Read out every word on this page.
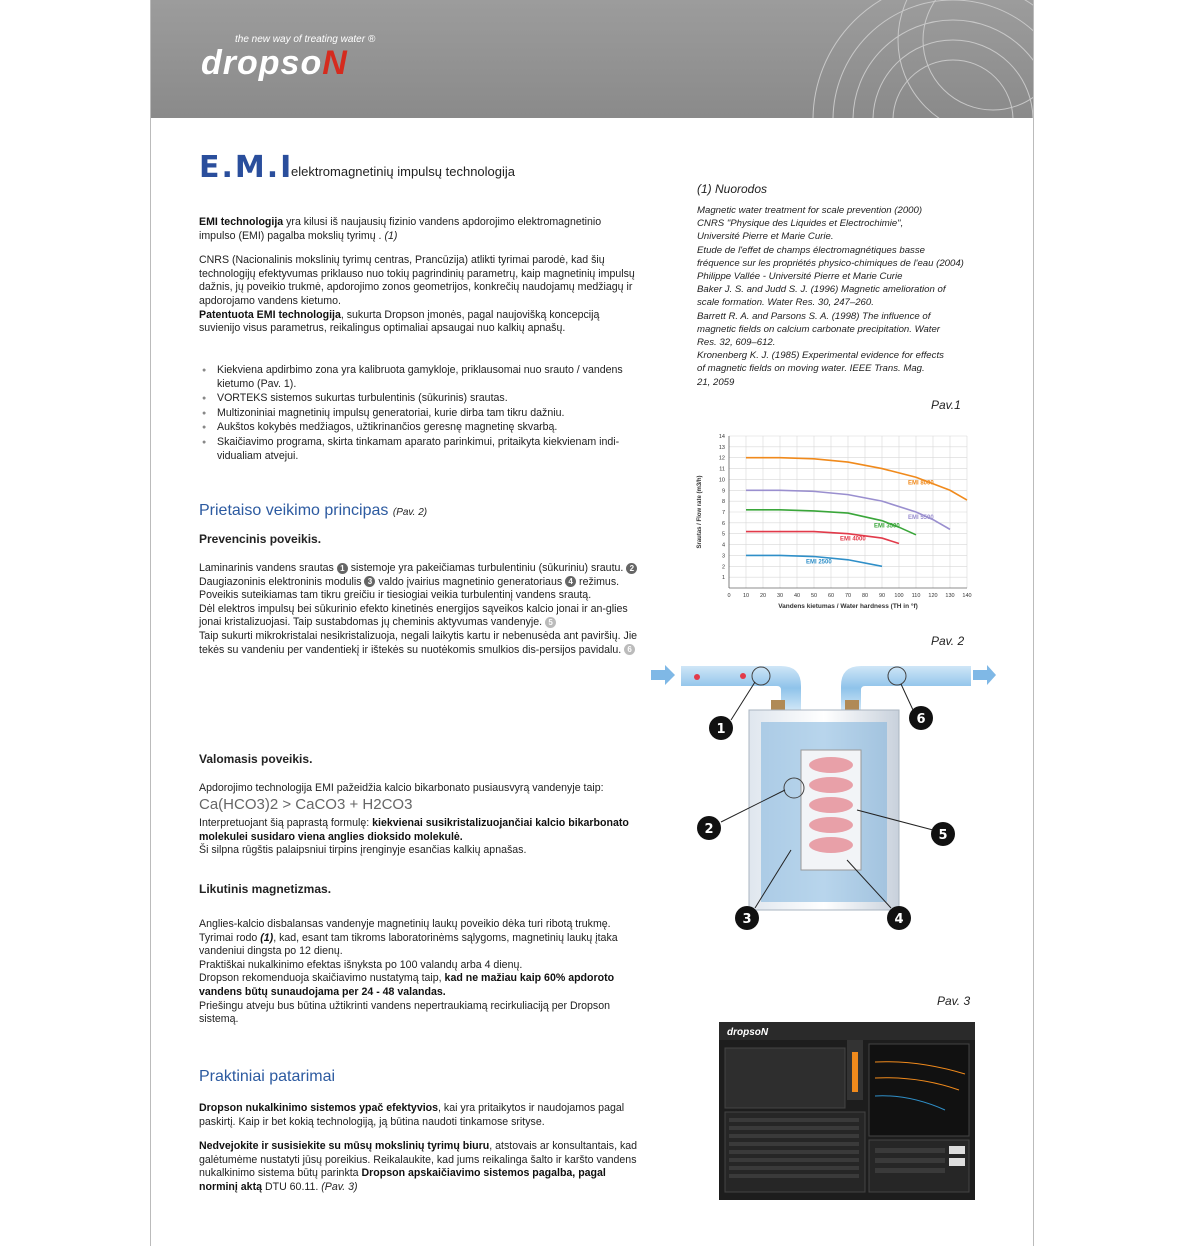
the new way of treating water ®
dropsoN
E.M.I
elektromagnetinių impulsų technologija

EMI technologija yra kilusi iš naujausių fizinio vandens apdorojimo elektromagnetinio impulso (EMI) pagalba mokslių tyrimų . (1)

CNRS (Nacionalinis mokslinių tyrimų centras, Prancūzija) atlikti tyrimai parodė, kad šių technologijų efektyvumas priklauso nuo tokių pagrindinių parametrų, kaip magnetinių impulsų dažnis, jų poveikio trukmė, apdorojimo zonos geometrijos, konkrečių naudojamų medžiagų ir apdorojamo vandens kietumo.

Patentuota EMI technologija, sukurta Dropson įmonės, pagal naujovišką koncepciją suvienijo visus parametrus, reikalingus optimaliai apsaugai nuo kalkių apnašų.

● Kiekviena apdirbimo zona yra kalibruota gamykloje, priklausomai nuo srauto / vandens kietumo (Pav. 1).
● VORTEKS sistemos sukurtas turbulentinis (sūkurinis) srautas.
● Multizoniniai magnetinių impulsų generatoriai, kurie dirba tam tikru dažniu.
● Aukštos kokybės medžiagos, užtikrinančios geresnę magnetinę skvarbą.
● Skaičiavimo programa, skirta tinkamam aparato parinkimui, pritaikyta kiekvienam indi-vidualiam atvejui.
Prietaiso veikimo principas (Pav. 2)
Prevencinis poveikis.
Laminarinis vandens srautas 1 sistemoje yra pakeičiamas turbulentiniu (sūkuriniu) srautu. 2
Daugiazoninis elektroninis modulis 3 valdo įvairius magnetinio generatoriaus 4 režimus.
Poveikis suteikiamas tam tikru greičiu ir tiesiogiai veikia turbulentinį vandens srautą.
Dėl elektros impulsų bei sūkurinio efekto kinetinės energijos sąveikos kalcio jonai ir an-glies jonai kristalizuojasi. Taip sustabdomas jų cheminis aktyvumas vandenyje. 5
Taip sukurti mikrokristalai nesikristalizuoja, negali laikytis kartu ir nebenusėda ant paviršių. Jie tekės su vandeniu per vandentiekį ir ištekės su nuotėkomis smulkios dis-persijos pavidalu. 6
Valomasis poveikis.
Apdorojimo technologija EMI pažeidžia kalcio bikarbonato pusiausvyrą vandenyje taip:
Ca(HCO3)2 > CaCO3 + H2CO3
Interpretuojant šią paprastą formulę: kiekvienai susikristalizuojančiai kalcio bikarbonato molekulei susidaro viena anglies dioksido molekulė.
Ši silpna rūgštis palaipsniui tirpins įrenginyje esančias kalkių apnašas.
Likutinis magnetizmas.
Anglies-kalcio disbalansas vandenyje magnetinių laukų poveikio dėka turi ribotą trukmę.
Tyrimai rodo (1), kad, esant tam tikroms laboratorinėms sąlygoms, magnetinių laukų įtaka vandeniui dingsta po 12 dienų.
Praktiškai nukalkinimo efektas išnyksta po 100 valandų arba 4 dienų.
Dropson rekomenduoja skaičiavimo nustatymą taip, kad ne mažiau kaip 60% apdoroto vandens būtų sunaudojama per 24 - 48 valandas.
Priešingu atveju bus būtina užtikrinti vandens nepertraukiamą recirkuliaciją per Dropson sistemą.
Praktiniai patarimai

Dropson nukalkinimo sistemos ypač efektyvios, kai yra pritaikytos ir naudojamos pagal paskirtį. Kaip ir bet kokią technologiją, ją būtina naudoti tinkamose srityse.

Nedvejokite ir susisiekite su mūsų mokslinių tyrimų biuru, atstovais ar konsultantais, kad galėtumėme nustatyti jūsų poreikius. Reikalaukite, kad jums reikalinga šalto ir karšto vandens nukalkinimo sistema būtų parinkta Dropson apskaičiavimo sistemos pagalba, pagal norminį aktą DTU 60.11. (Pav. 3)

(1) Nuorodos
Magnetic water treatment for scale prevention (2000)
CNRS "Physique des Liquides et Electrochimie",
Université Pierre et Marie Curie.
Etude de l'effet de champs électromagnétiques basse
fréquence sur les propriétés physico-chimiques de l'eau (2004)
Philippe Vallée - Université Pierre et Marie Curie
Baker J. S. and Judd S. J. (1996) Magnetic amelioration of
scale formation. Water Res. 30, 247–260.
Barrett R. A. and Parsons S. A. (1998) The influence of
magnetic fields on calcium carbonate precipitation. Water
Res. 32, 609–612.
Kronenberg K. J. (1985) Experimental evidence for effects
of magnetic fields on moving water. IEEE Trans. Mag.
21, 2059
Pav.1
0 10 20 30 40 50 60 70 80 90 100 110 120 130 140
1
2
3
4
5
6
7
8
9
10
11
12
13
14
Vandens kietumas / Water hardness (TH in °f)
Srautas / Flow rate (m3/h)	EMI 8000
EMI 5500
EMI 3500
EMI 4000
EMI 2500
Pav. 2
1
6
2	5
3	4
Pav. 3
dropsoN
